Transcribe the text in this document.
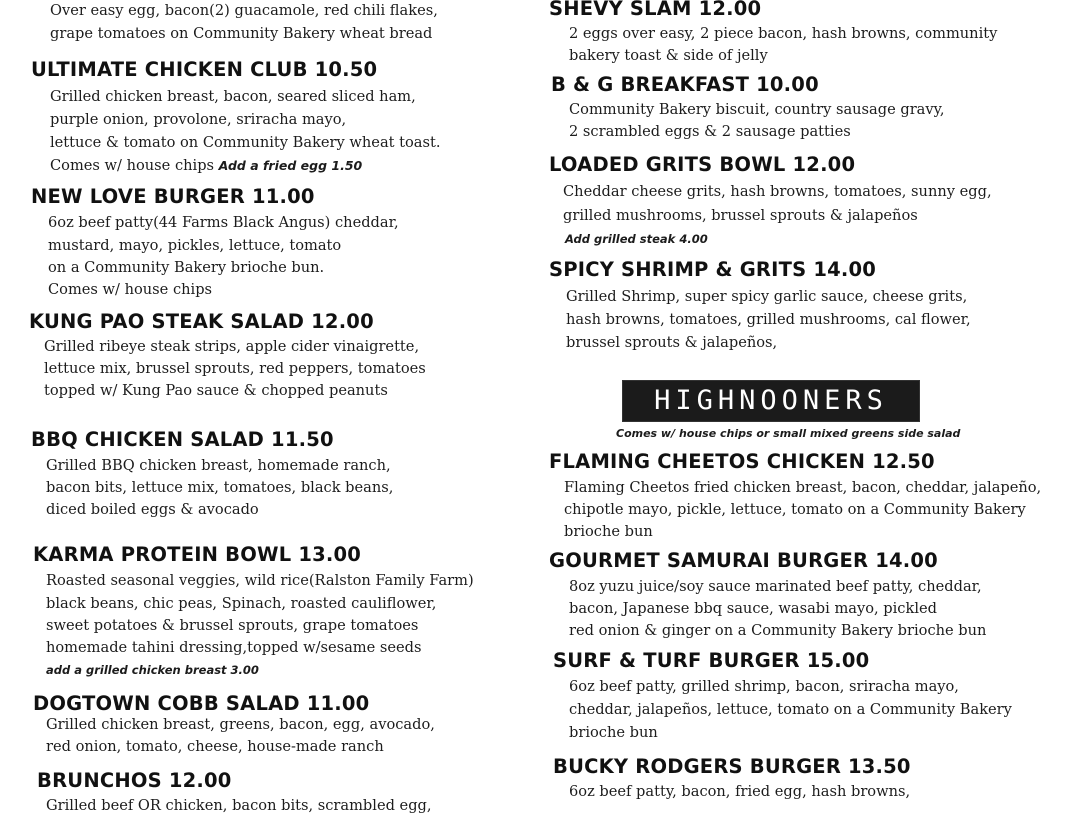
Over easy egg, bacon(2) guacamole, red chili flakes,
grape tomatoes on Community Bakery wheat bread
ULTIMATE CHICKEN CLUB 10.50
Grilled chicken breast, bacon, seared sliced ham,
purple onion, provolone, sriracha mayo,
lettuce & tomato on Community Bakery wheat toast.
Comes w/ house chips Add a fried egg 1.50
NEW LOVE BURGER 11.00
6oz beef patty(44 Farms Black Angus) cheddar,
mustard, mayo, pickles, lettuce, tomato
on a Community Bakery brioche bun.
Comes w/ house chips
KUNG PAO STEAK SALAD 12.00
Grilled ribeye steak strips, apple cider vinaigrette,
lettuce mix, brussel sprouts, red peppers, tomatoes
topped w/ Kung Pao sauce & chopped peanuts
BBQ CHICKEN SALAD 11.50
Grilled BBQ chicken breast, homemade ranch,
bacon bits, lettuce mix, tomatoes, black beans,
diced boiled eggs & avocado
KARMA PROTEIN BOWL 13.00
Roasted seasonal veggies, wild rice(Ralston Family Farm)
black beans, chic peas, Spinach, roasted cauliflower,
sweet potatoes & brussel sprouts, grape tomatoes
homemade tahini dressing,topped w/sesame seeds
add a grilled chicken breast 3.00
DOGTOWN COBB SALAD 11.00
Grilled chicken breast, greens, bacon, egg, avocado,
red onion, tomato, cheese, house-made ranch
BRUNCHOS 12.00
Grilled beef OR chicken, bacon bits, scrambled egg,
SHEVY SLAM 12.00
2 eggs over easy, 2 piece bacon, hash browns, community
bakery toast & side of jelly
B & G BREAKFAST 10.00
Community Bakery biscuit, country sausage gravy,
2 scrambled eggs & 2 sausage patties
LOADED GRITS BOWL 12.00
Cheddar cheese grits, hash browns, tomatoes, sunny egg,
grilled mushrooms, brussel sprouts & jalapeños
Add grilled steak 4.00
SPICY SHRIMP & GRITS 14.00
Grilled Shrimp, super spicy garlic sauce, cheese grits,
hash browns, tomatoes, grilled mushrooms, cal flower,
brussel sprouts & jalapeños,
HIGHNOONERS
Comes w/ house chips or small mixed greens side salad
FLAMING CHEETOS CHICKEN 12.50
Flaming Cheetos fried chicken breast, bacon, cheddar, jalapeño,
chipotle mayo, pickle, lettuce, tomato on a Community Bakery
brioche bun
GOURMET SAMURAI BURGER 14.00
8oz yuzu juice/soy sauce marinated beef patty, cheddar,
bacon, Japanese bbq sauce, wasabi mayo, pickled
red onion & ginger on a Community Bakery brioche bun
SURF & TURF BURGER 15.00
6oz beef patty, grilled shrimp, bacon, sriracha mayo,
cheddar, jalapeños, lettuce, tomato on a Community Bakery
brioche bun
BUCKY RODGERS BURGER 13.50
6oz beef patty, bacon, fried egg, hash browns,
